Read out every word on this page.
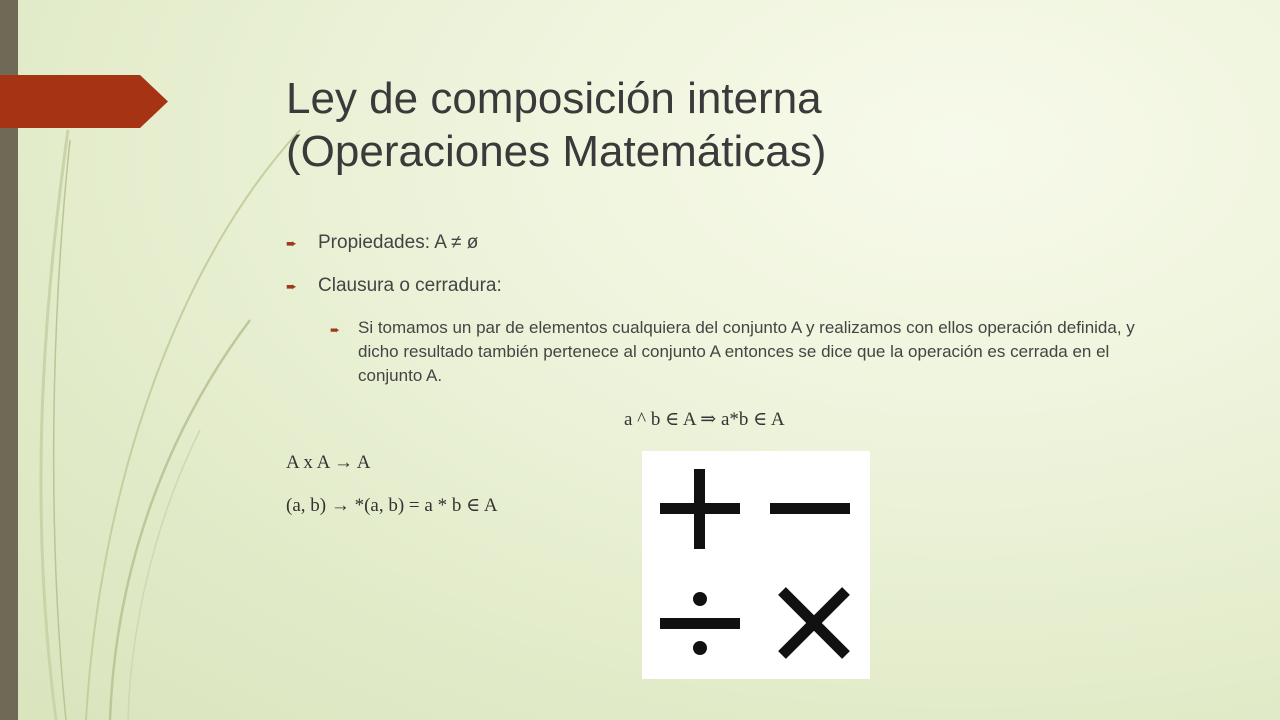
Ley de composición interna
(Operaciones Matemáticas)
➨	Propiedades: A ≠ ø
➨	Clausura o cerradura:
➨	Si tomamos un par de elementos cualquiera del conjunto A y realizamos con ellos operación definida, y dicho resultado también pertenece al conjunto A entonces se dice que la operación es cerrada en el conjunto A.
a ^ b ∈ A ⇒ a*b ∈ A
A x A → A
(a, b) → *(a, b) = a * b ∈ A
